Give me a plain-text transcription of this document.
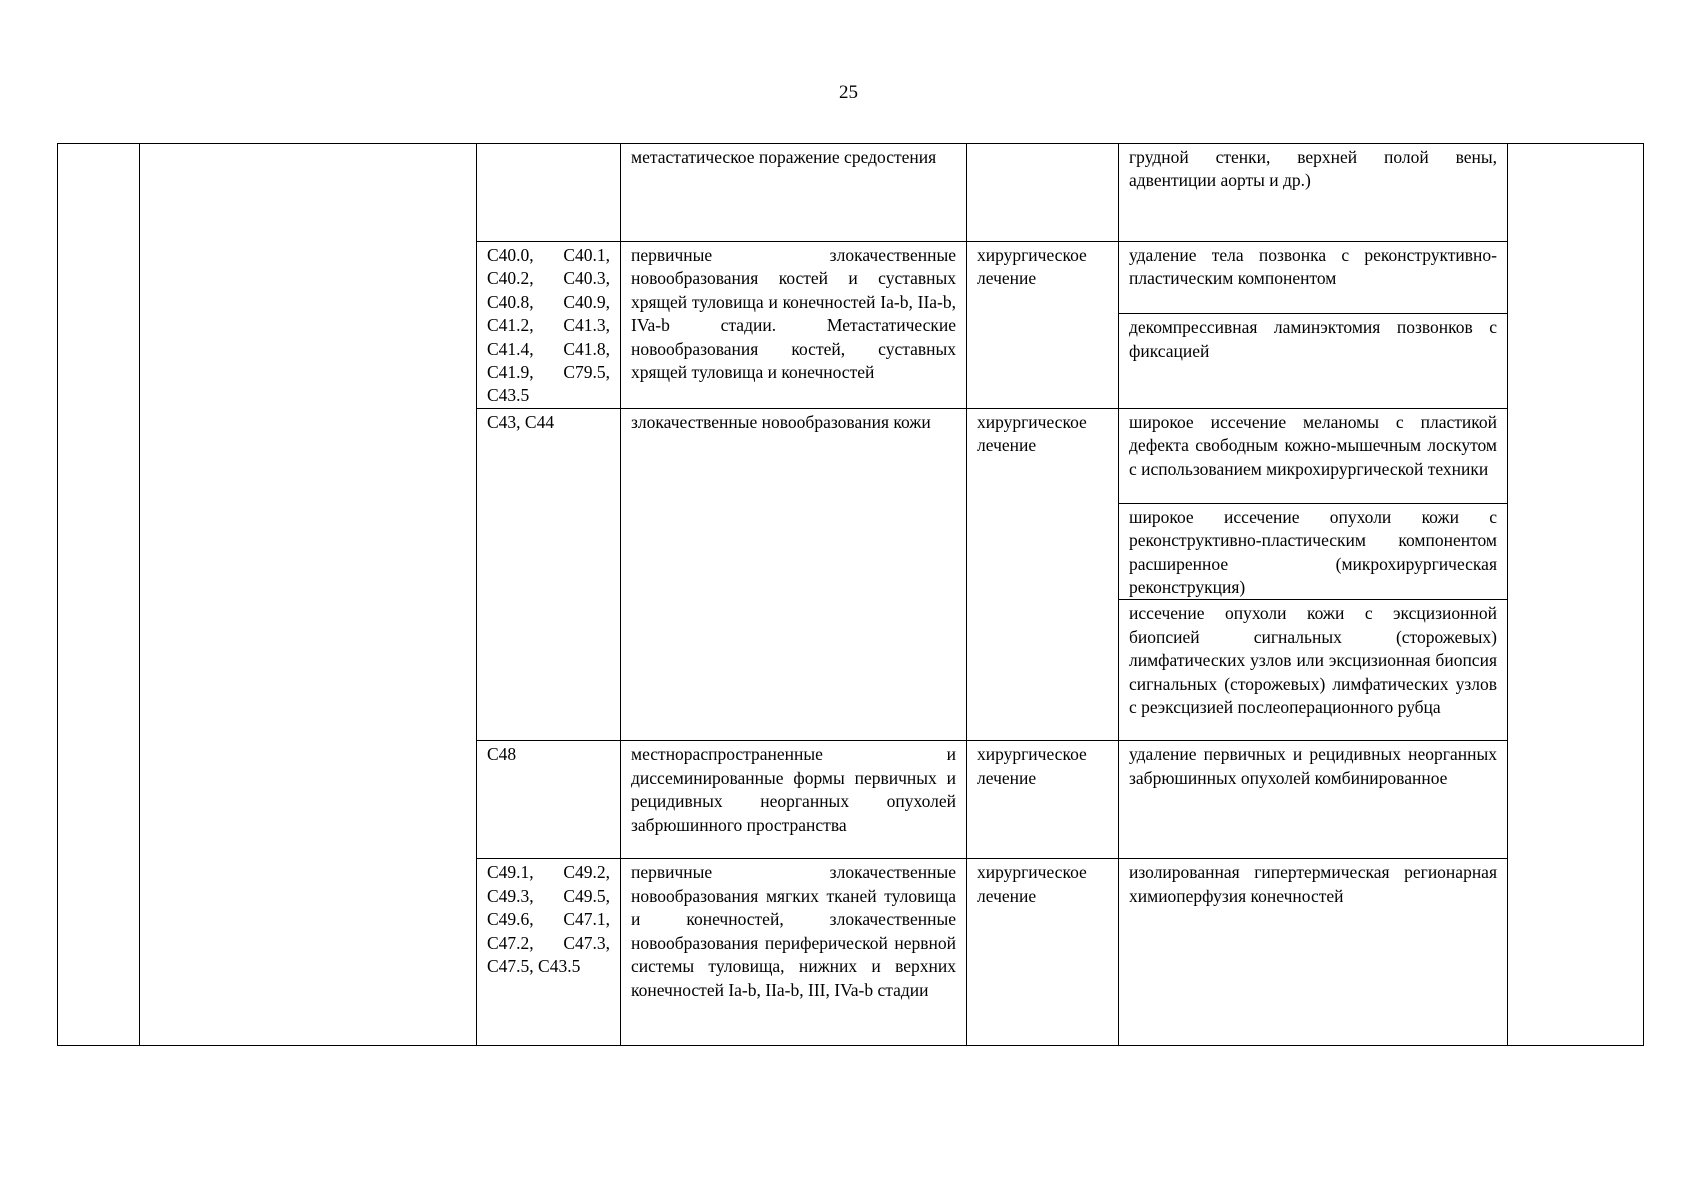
25
			метастатическое поражение средостения		грудной стенки, верхней полой вены, адвентиции аорты и др.)	
		C40.0, C40.1, C40.2, C40.3, C40.8, C40.9, C41.2, C41.3, C41.4, C41.8, C41.9, C79.5, C43.5	первичные злокачественные новообразования костей и суставных хрящей туловища и конечностей Ia-b, IIa-b, IVa-b стадии. Метастатические новообразования костей, суставных хрящей туловища и конечностей	хирургическое лечение	удаление тела позвонка с реконструктивно-пластическим компонентом	
					декомпрессивная ламинэктомия позвонков с фиксацией	
		C43, C44	злокачественные новообразования кожи	хирургическое лечение	широкое иссечение меланомы с пластикой дефекта свободным кожно-мышечным лоскутом с использованием микрохирургической техники	
					широкое иссечение опухоли кожи с реконструктивно-пластическим компонентом расширенное (микрохирургическая реконструкция)	
					иссечение опухоли кожи с эксцизионной биопсией сигнальных (сторожевых) лимфатических узлов или эксцизионная биопсия сигнальных (сторожевых) лимфатических узлов с реэксцизией послеоперационного рубца	
		C48	местнораспространенные и диссеминированные формы первичных и рецидивных неорганных опухолей забрюшинного пространства	хирургическое лечение	удаление первичных и рецидивных неорганных забрюшинных опухолей комбинированное	
		C49.1, C49.2, C49.3, C49.5, C49.6, C47.1, C47.2, C47.3, C47.5, C43.5	первичные злокачественные новообразования мягких тканей туловища и конечностей, злокачественные новообразования периферической нервной системы туловища, нижних и верхних конечностей Ia-b, IIa-b, III, IVa-b стадии	хирургическое лечение	изолированная гипертермическая регионарная химиоперфузия конечностей	
